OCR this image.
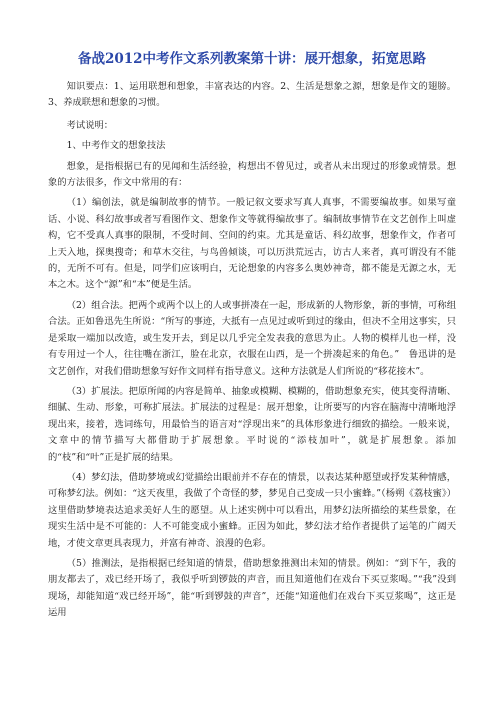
备战2012中考作文系列教案第十讲：展开想象，拓宽思路

知识要点：1、运用联想和想象，丰富表达的内容。2、生活是想象之源，想象是作文的翅膀。3、养成联想和想象的习惯。

考试说明：

1、中考作文的想象技法

想象，是指根据已有的见闻和生活经验，构想出不曾见过，或者从未出现过的形象或情景。想象的方法很多，作文中常用的有：

（1）编创法，就是编制故事的情节。一般记叙文要求写真人真事，不需要编故事。如果写童话、小说、科幻故事或者写看图作文、想象作文等就得编故事了。编制故事情节在文艺创作上叫虚构，它不受真人真事的限制，不受时间、空间的约束。尤其是童话、科幻故事，想象作文，作者可上天入地，探奥搜奇；和草木交往，与鸟兽倾谈，可以历洪荒远古，访古人来者，真可谓没有不能的，无所不可有。但是，同学们应该明白，无论想象的内容多么奥妙神奇，都不能是无源之水，无本之木。这个“源”和“本”便是生活。

（2）组合法。把两个或两个以上的人或事拼凑在一起，形成新的人物形象，新的事情，可称组合法。正如鲁迅先生所说：“所写的事迹，大抵有一点见过或听到过的缘由，但决不全用这事实，只是采取一端加以改造，或生发开去，到足以几乎完全发表我的意思为止。人物的模样儿也一样，没有专用过一个人，往往嘴在浙江，脸在北京，衣服在山西，是一个拼凑起来的角色。”　鲁迅讲的是文艺创作，对我们借助想象写好作文同样有指导意义。这种方法就是人们所说的“移花接木”。

（3）扩展法。把原所闻的内容是简单、抽象或模糊、模糊的，借助想象充实，使其变得清晰、细腻、生动、形象，可称扩展法。扩展法的过程是：展开想象，让所要写的内容在脑海中清晰地浮现出来，接着，选词练句，用最恰当的语言对“浮现出来”的具体形象进行细致的描绘。一般来说，文章中的情节描写大都借助于扩展想象。平时说的“添枝加叶”，就是扩展想象。添加的“枝”和“叶”正是扩展的结果。

（4）梦幻法，借助梦境或幻觉描绘出眼前并不存在的情景，以表达某种愿望或抒发某种情感，可称梦幻法。例如：“这天夜里，我做了个奇怪的梦，梦见自己变成一只小蜜蜂。”（杨朔《荔枝蜜》）这里借助梦境表达追求美好人生的愿望。从上述实例中可以看出，用梦幻法所描绘的某些景象，在现实生活中是不可能的：人不可能变成小蜜蜂。正因为如此，梦幻法才给作者提供了运笔的广阔天地，才使文章更具表现力，并富有神奇、浪漫的色彩。

（5）推测法，是指根据已经知道的情景，借助想象推测出未知的情景。例如：“到下午，我的朋友都去了，戏已经开场了，我似乎听到锣鼓的声音，而且知道他们在戏台下买豆浆喝。”“我”没到现场，却能知道“戏已经开场”，能“听到锣鼓的声音”，还能“知道他们在戏台下买豆浆喝”，这正是运用
